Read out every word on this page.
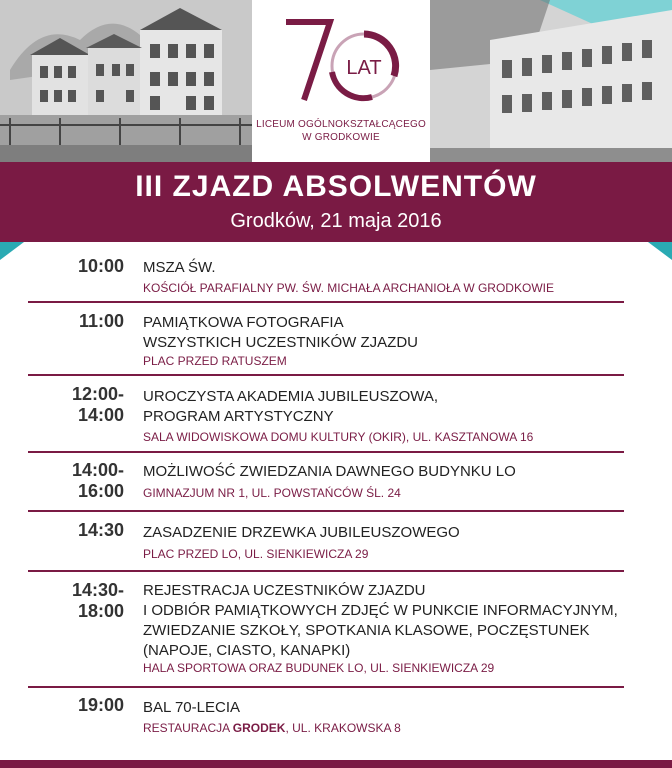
LAT
LICEUM OGÓLNOKSZTAŁCĄCEGO
W GRODKOWIE
III ZJAZD ABSOLWENTÓW
Grodków, 21 maja 2016
10:00 MSZA ŚW.
KOŚCIÓŁ PARAFIALNY PW. ŚW. MICHAŁA ARCHANIOŁA W GRODKOWIE
11:00 PAMIĄTKOWA FOTOGRAFIA
WSZYSTKICH UCZESTNIKÓW ZJAZDU
PLAC PRZED RATUSZEM
12:00-14:00
UROCZYSTA AKADEMIA JUBILEUSZOWA,
PROGRAM ARTYSTYCZNY
SALA WIDOWISKOWA DOMU KULTURY (OKIR), UL. KASZTANOWA 16
14:00-16:00
MOŻLIWOŚĆ ZWIEDZANIA DAWNEGO BUDYNKU LO
GIMNAZJUM NR 1, UL. POWSTAŃCÓW ŚL. 24
14:30 ZASADZENIE DRZEWKA JUBILEUSZOWEGO
PLAC PRZED LO, UL. SIENKIEWICZA 29
14:30-18:00
REJESTRACJA UCZESTNIKÓW ZJAZDU
I ODBIÓR PAMIĄTKOWYCH ZDJĘĆ W PUNKCIE INFORMACYJNYM,
ZWIEDZANIE SZKOŁY, SPOTKANIA KLASOWE, POCZĘSTUNEK
(NAPOJE, CIASTO, KANAPKI)
HALA SPORTOWA ORAZ BUDUNEK LO, UL. SIENKIEWICZA 29
19:00 BAL 70-LECIA
RESTAURACJA GRODEK, UL. KRAKOWSKA 8
